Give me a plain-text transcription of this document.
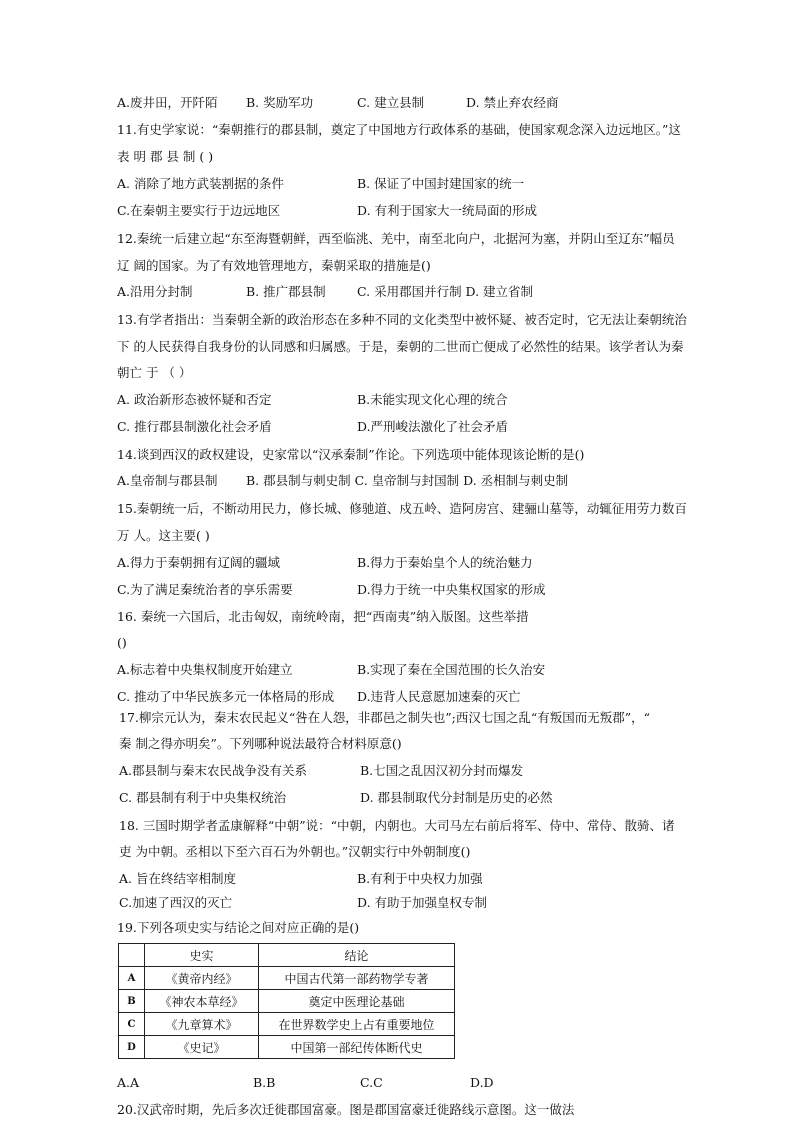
A.废井田，开阡陌 B. 奖励军功	C. 建立县制	D. 禁止弃农经商
11.有史学家说：“秦朝推行的郡县制，奠定了中国地方行政体系的基础，使国家观念深入边远地区。”这
表 明 郡 县 制 ( )
A. 消除了地方武装割据的条件	B. 保证了中国封建国家的统一
C.在秦朝主要实行于边远地区	D. 有利于国家大一统局面的形成
12.秦统一后建立起“东至海暨朝鲜，西至临洮、羌中，南至北向户，北据河为塞，并阴山至辽东”幅员
辽 阔的国家。为了有效地管理地方，秦朝采取的措施是()
A.沿用分封制	B. 推广郡县制	C. 采用郡国并行制 D. 建立省制
13.有学者指出：当秦朝全新的政治形态在多种不同的文化类型中被怀疑、被否定时，它无法让秦朝统治
下 的人民获得自我身份的认同感和归属感。于是，秦朝的二世而亡便成了必然性的结果。该学者认为秦
朝亡 于 （ ）
A. 政治新形态被怀疑和否定	B.未能实现文化心理的统合
C. 推行郡县制激化社会矛盾	D.严刑峻法激化了社会矛盾
14.谈到西汉的政权建设，史家常以“汉承秦制”作论。下列选项中能体现该论断的是()
A.皇帝制与郡县制 B. 郡县制与刺史制 C. 皇帝制与封国制 D. 丞相制与刺史制
15.秦朝统一后，不断动用民力，修长城、修驰道、戍五岭、造阿房宫、建骊山墓等，动辄征用劳力数百
万 人。这主要( )
A.得力于秦朝拥有辽阔的疆域	B.得力于秦始皇个人的统治魅力
C.为了满足秦统治者的享乐需要	D.得力于统一中央集权国家的形成
16. 秦统一六国后，北击匈奴，南统岭南，把“西南夷”纳入版图。这些举措
()
A.标志着中央集权制度开始建立	B.实现了秦在全国范围的长久治安
C. 推动了中华民族多元一体格局的形成 D.违背人民意愿加速秦的灭亡
17.柳宗元认为，秦末农民起义“咎在人怨，非郡邑之制失也”;西汉七国之乱“有叛国而无叛郡”，“
秦 制之得亦明矣”。下列哪种说法最符合材料原意()
A.郡县制与秦末农民战争没有关系	B.七国之乱因汉初分封而爆发
C. 郡县制有利于中央集权统治	D. 郡县制取代分封制是历史的必然
18. 三国时期学者孟康解释“中朝”说：“中朝，内朝也。大司马左右前后将军、侍中、常侍、散骑、诸
吏 为中朝。丞相以下至六百石为外朝也。”汉朝实行中外朝制度()
A. 旨在终结宰相制度	B.有利于中央权力加强
C.加速了西汉的灭亡	D. 有助于加强皇权专制
19.下列各项史实与结论之间对应正确的是()
	史实	结论
A	《黄帝内经》	中国古代第一部药物学专著
B	《神农本草经》	奠定中医理论基础
C	《九章算术》	在世界数学史上占有重要地位
D	《史记》	中国第一部纪传体断代史
A.A	B.B	C.C	D.D
20.汉武帝时期，先后多次迁徙郡国富豪。图是郡国富豪迁徙路线示意图。这一做法
